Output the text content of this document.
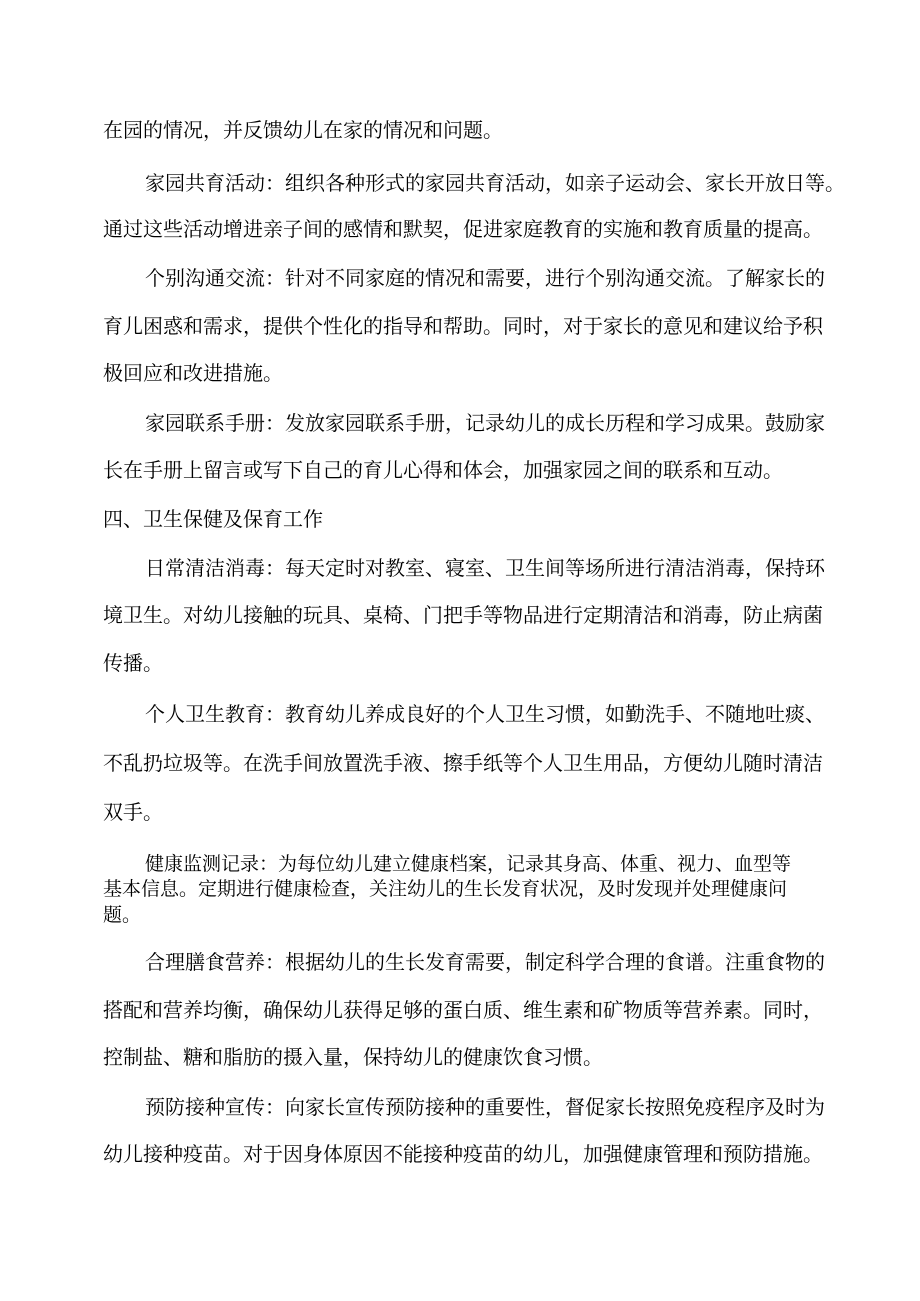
在园的情况，并反馈幼儿在家的情况和问题。
家园共育活动：组织各种形式的家园共育活动，如亲子运动会、家长开放日等。
通过这些活动增进亲子间的感情和默契，促进家庭教育的实施和教育质量的提高。
个别沟通交流：针对不同家庭的情况和需要，进行个别沟通交流。了解家长的
育儿困惑和需求，提供个性化的指导和帮助。同时，对于家长的意见和建议给予积
极回应和改进措施。
家园联系手册：发放家园联系手册，记录幼儿的成长历程和学习成果。鼓励家
长在手册上留言或写下自己的育儿心得和体会，加强家园之间的联系和互动。
四、卫生保健及保育工作
日常清洁消毒：每天定时对教室、寝室、卫生间等场所进行清洁消毒，保持环
境卫生。对幼儿接触的玩具、桌椅、门把手等物品进行定期清洁和消毒，防止病菌
传播。
个人卫生教育：教育幼儿养成良好的个人卫生习惯，如勤洗手、不随地吐痰、
不乱扔垃圾等。在洗手间放置洗手液、擦手纸等个人卫生用品，方便幼儿随时清洁
双手。
健康监测记录：为每位幼儿建立健康档案，记录其身高、体重、视力、血型等
基本信息。定期进行健康检查，关注幼儿的生长发育状况，及时发现并处理健康问
题。
合理膳食营养：根据幼儿的生长发育需要，制定科学合理的食谱。注重食物的
搭配和营养均衡，确保幼儿获得足够的蛋白质、维生素和矿物质等营养素。同时，
控制盐、糖和脂肪的摄入量，保持幼儿的健康饮食习惯。
预防接种宣传：向家长宣传预防接种的重要性，督促家长按照免疫程序及时为
幼儿接种疫苗。对于因身体原因不能接种疫苗的幼儿，加强健康管理和预防措施。
